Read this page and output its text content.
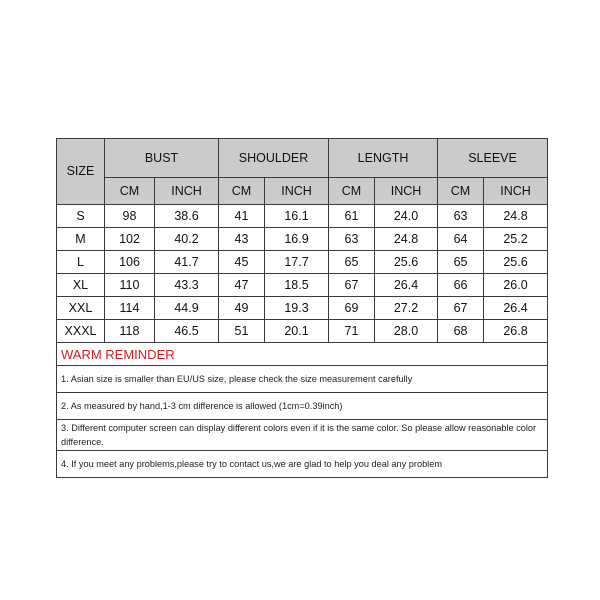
SIZE	BUST		SHOULDER		LENGTH		SLEEVE	
	CM	INCH	CM	INCH	CM	INCH	CM	INCH
S	98	38.6	41	16.1	61	24.0	63	24.8
M	102	40.2	43	16.9	63	24.8	64	25.2
L	106	41.7	45	17.7	65	25.6	65	25.6
XL	110	43.3	47	18.5	67	26.4	66	26.0
XXL	114	44.9	49	19.3	69	27.2	67	26.4
XXXL	118	46.5	51	20.1	71	28.0	68	26.8
WARM REMINDER								
1. Asian size is smaller than EU/US size, please check the size measurement carefully								
2. As measured by hand,1-3 cm difference is allowed (1cm=0.39inch)								
3. Different computer screen can display different colors even if it is the same color. So please allow reasonable color difference.								
4. If you meet any problems,please try to contact us,we are glad to help you deal any problem								
